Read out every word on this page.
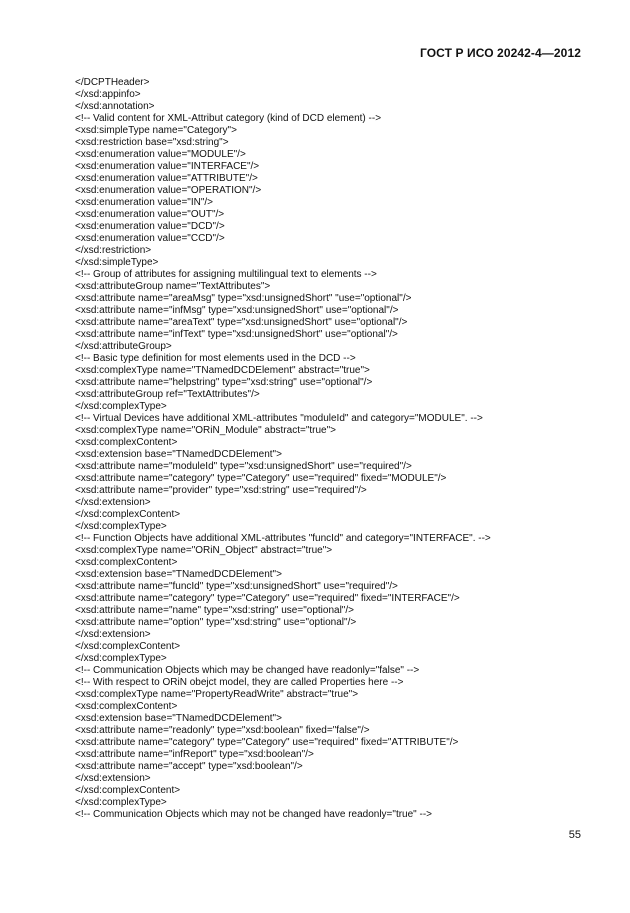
ГОСТ Р ИСО 20242-4—2012
</DCPTHeader>
</xsd:appinfo>
</xsd:annotation>
<!-- Valid content for XML-Attribut category (kind of DCD element) -->
<xsd:simpleType name="Category">
<xsd:restriction base="xsd:string">
<xsd:enumeration value="MODULE"/>
<xsd:enumeration value="INTERFACE"/>
<xsd:enumeration value="ATTRIBUTE"/>
<xsd:enumeration value="OPERATION"/>
<xsd:enumeration value="IN"/>
<xsd:enumeration value="OUT"/>
<xsd:enumeration value="DCD"/>
<xsd:enumeration value="CCD"/>
</xsd:restriction>
</xsd:simpleType>
<!-- Group of attributes for assigning multilingual text to elements -->
<xsd:attributeGroup name="TextAttributes">
<xsd:attribute name="areaMsg" type="xsd:unsignedShort" "use="optional"/>
<xsd:attribute name="infMsg" type="xsd:unsignedShort" use="optional"/>
<xsd:attribute name="areaText" type="xsd:unsignedShort" use="optional"/>
<xsd:attribute name="infText" type="xsd:unsignedShort" use="optional"/>
</xsd:attributeGroup>
<!-- Basic type definition for most elements used in the DCD -->
<xsd:complexType name="TNamedDCDElement" abstract="true">
<xsd:attribute name="helpstring" type="xsd:string" use="optional"/>
<xsd:attributeGroup ref="TextAttributes"/>
</xsd:complexType>
<!-- Virtual Devices have additional XML-attributes "moduleId" and category="MODULE". -->
<xsd:complexType name="ORiN_Module" abstract="true">
<xsd:complexContent>
<xsd:extension base="TNamedDCDElement">
<xsd:attribute name="moduleId" type="xsd:unsignedShort" use="required"/>
<xsd:attribute name="category" type="Category" use="required" fixed="MODULE"/>
<xsd:attribute name="provider" type="xsd:string" use="required"/>
</xsd:extension>
</xsd:complexContent>
</xsd:complexType>
<!-- Function Objects have additional XML-attributes "funcId" and category="INTERFACE". -->
<xsd:complexType name="ORiN_Object" abstract="true">
<xsd:complexContent>
<xsd:extension base="TNamedDCDElement">
<xsd:attribute name="funcId" type="xsd:unsignedShort" use="required"/>
<xsd:attribute name="category" type="Category" use="required" fixed="INTERFACE"/>
<xsd:attribute name="name" type="xsd:string" use="optional"/>
<xsd:attribute name="option" type="xsd:string" use="optional"/>
</xsd:extension>
</xsd:complexContent>
</xsd:complexType>
<!-- Communication Objects which may be changed have readonly="false" -->
<!-- With respect to ORiN obejct model, they are called Properties here -->
<xsd:complexType name="PropertyReadWrite" abstract="true">
<xsd:complexContent>
<xsd:extension base="TNamedDCDElement">
<xsd:attribute name="readonly" type="xsd:boolean" fixed="false"/>
<xsd:attribute name="category" type="Category" use="required" fixed="ATTRIBUTE"/>
<xsd:attribute name="infReport" type="xsd:boolean"/>
<xsd:attribute name="accept" type="xsd:boolean"/>
</xsd:extension>
</xsd:complexContent>
</xsd:complexType>
<!-- Communication Objects which may not be changed have readonly="true" -->
55
